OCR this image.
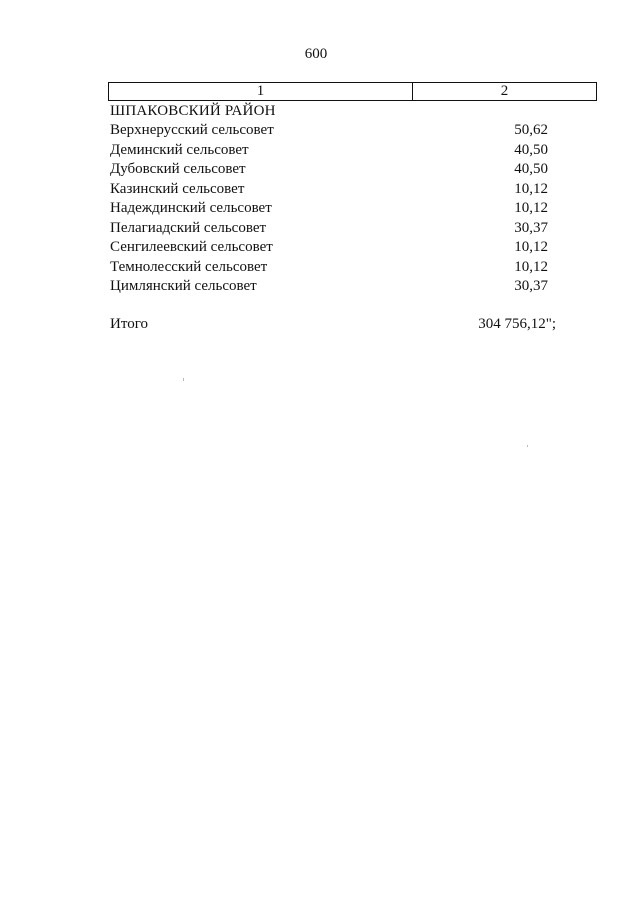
600
1	2
ШПАКОВСКИЙ РАЙОН
Верхнерусский сельсовет	50,62
Деминский сельсовет	40,50
Дубовский сельсовет	40,50
Казинский сельсовет	10,12
Надеждинский сельсовет	10,12
Пелагиадский сельсовет	30,37
Сенгилеевский сельсовет	10,12
Темнолесский сельсовет	10,12
Цимлянский сельсовет	30,37
Итого	304 756,12";
